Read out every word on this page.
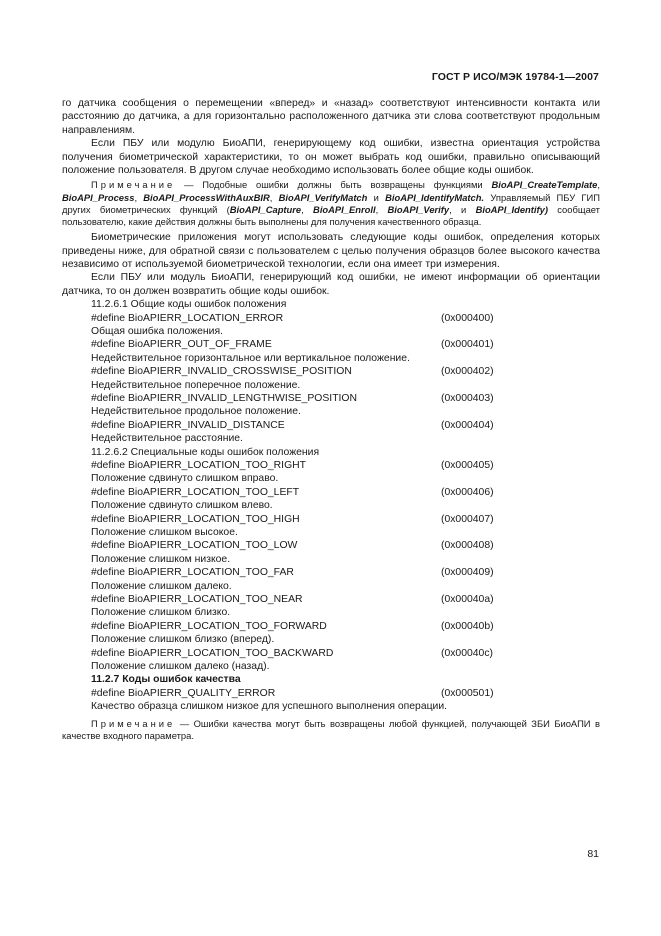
ГОСТ Р ИСО/МЭК 19784-1—2007

го датчика сообщения о перемещении «вперед» и «назад» соответствуют интенсивности контакта или расстоянию до датчика, а для горизонтально расположенного датчика эти слова соответствуют продольным направлениям.

Если ПБУ или модулю БиоАПИ, генерирующему код ошибки, известна ориентация устройства получения биометрической характеристики, то он может выбрать код ошибки, правильно описывающий положение пользователя. В другом случае необходимо использовать более общие коды ошибок.

Примечание — Подобные ошибки должны быть возвращены функциями BioAPI_CreateTemplate, BioAPI_Process, BioAPI_ProcessWithAuxBIR, BioAPI_VerifyMatch и BioAPI_IdentifyMatch. Управляемый ПБУ ГИП других биометрических функций (BioAPI_Capture, BioAPI_Enroll, BioAPI_Verify, и BioAPI_Identify) сообщает пользователю, какие действия должны быть выполнены для получения качественного образца.

Биометрические приложения могут использовать следующие коды ошибок, определения которых приведены ниже, для обратной связи с пользователем с целью получения образцов более высокого качества независимо от используемой биометрической технологии, если она имеет три измерения.

Если ПБУ или модуль БиоАПИ, генерирующий код ошибки, не имеют информации об ориентации датчика, то он должен возвратить общие коды ошибок.

11.2.6.1 Общие коды ошибок положения
#define BioAPIERR_LOCATION_ERROR	(0x000400)
Общая ошибка положения.
#define BioAPIERR_OUT_OF_FRAME	(0x000401)
Недействительное горизонтальное или вертикальное положение.
#define BioAPIERR_INVALID_CROSSWISE_POSITION	(0x000402)
Недействительное поперечное положение.
#define BioAPIERR_INVALID_LENGTHWISE_POSITION	(0x000403)
Недействительное продольное положение.
#define BioAPIERR_INVALID_DISTANCE	(0x000404)
Недействительное расстояние.
11.2.6.2 Специальные коды ошибок положения
#define BioAPIERR_LOCATION_TOO_RIGHT	(0x000405)
Положение сдвинуто слишком вправо.
#define BioAPIERR_LOCATION_TOO_LEFT	(0x000406)
Положение сдвинуто слишком влево.
#define BioAPIERR_LOCATION_TOO_HIGH	(0x000407)
Положение слишком высокое.
#define BioAPIERR_LOCATION_TOO_LOW	(0x000408)
Положение слишком низкое.
#define BioAPIERR_LOCATION_TOO_FAR	(0x000409)
Положение слишком далеко.
#define BioAPIERR_LOCATION_TOO_NEAR	(0x00040a)
Положение слишком близко.
#define BioAPIERR_LOCATION_TOO_FORWARD	(0x00040b)
Положение слишком близко (вперед).
#define BioAPIERR_LOCATION_TOO_BACKWARD	(0x00040c)
Положение слишком далеко (назад).
11.2.7 Коды ошибок качества
#define BioAPIERR_QUALITY_ERROR	(0x000501)
Качество образца слишком низкое для успешного выполнения операции.

Примечание — Ошибки качества могут быть возвращены любой функцией, получающей ЗБИ БиоАПИ в качестве входного параметра.

81
